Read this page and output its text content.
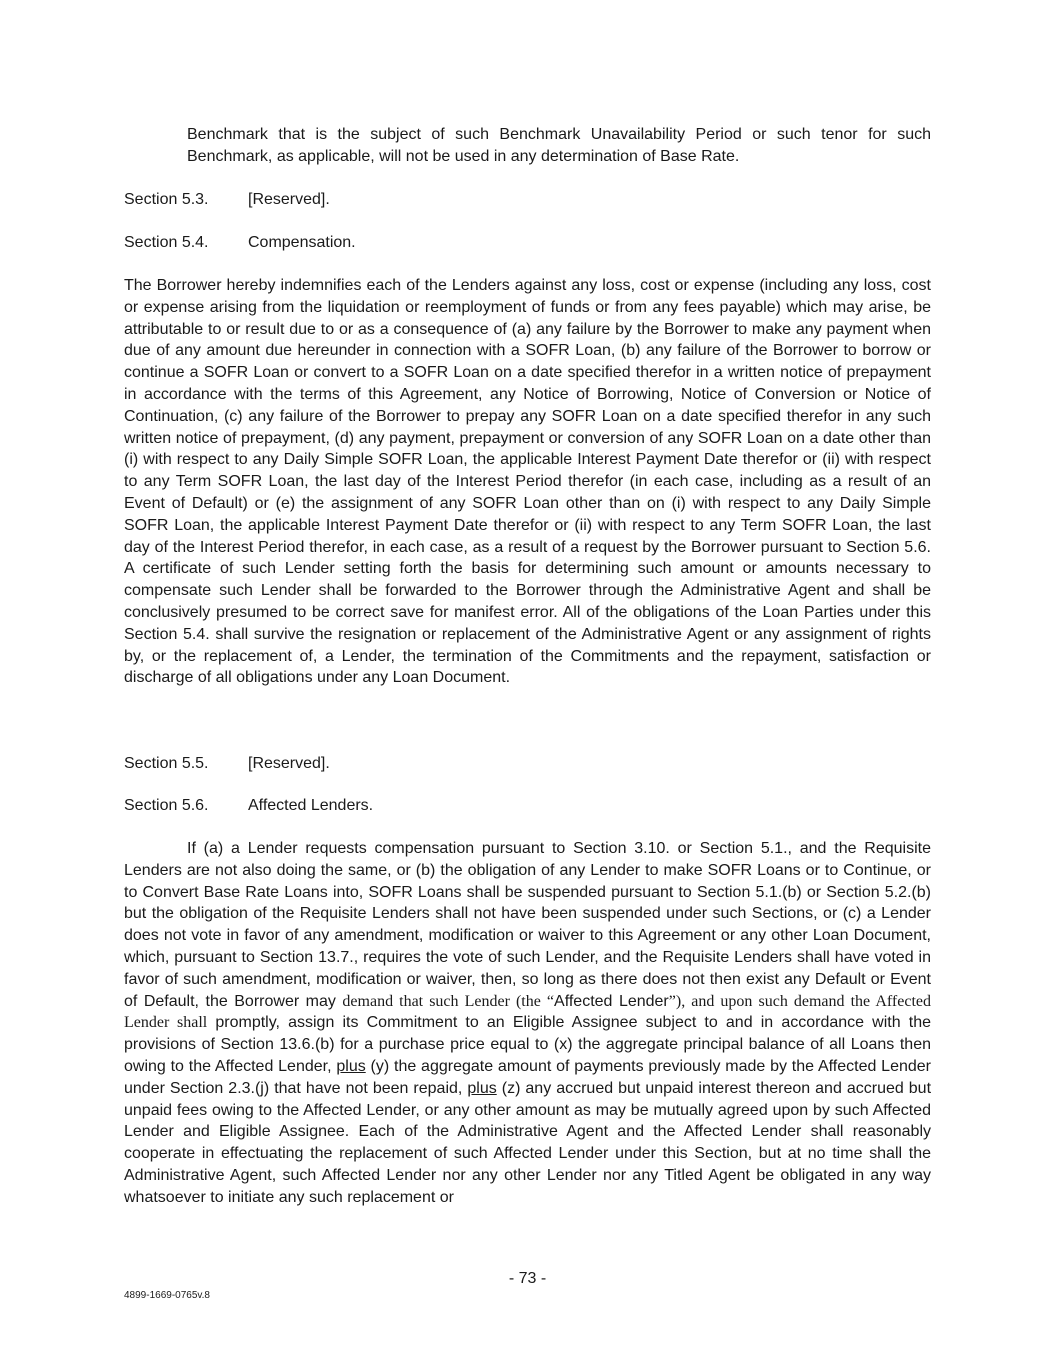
Benchmark that is the subject of such Benchmark Unavailability Period or such tenor for such Benchmark, as applicable, will not be used in any determination of Base Rate.

Section 5.3. [Reserved].

Section 5.4. Compensation.

The Borrower hereby indemnifies each of the Lenders against any loss, cost or expense (including any loss, cost or expense arising from the liquidation or reemployment of funds or from any fees payable) which may arise, be attributable to or result due to or as a consequence of (a) any failure by the Borrower to make any payment when due of any amount due hereunder in connection with a SOFR Loan, (b) any failure of the Borrower to borrow or continue a SOFR Loan or convert to a SOFR Loan on a date specified therefor in a written notice of prepayment in accordance with the terms of this Agreement, any Notice of Borrowing, Notice of Conversion or Notice of Continuation, (c) any failure of the Borrower to prepay any SOFR Loan on a date specified therefor in any such written notice of prepayment, (d) any payment, prepayment or conversion of any SOFR Loan on a date other than (i) with respect to any Daily Simple SOFR Loan, the applicable Interest Payment Date therefor or (ii) with respect to any Term SOFR Loan, the last day of the Interest Period therefor (in each case, including as a result of an Event of Default) or (e) the assignment of any SOFR Loan other than on (i) with respect to any Daily Simple SOFR Loan, the applicable Interest Payment Date therefor or (ii) with respect to any Term SOFR Loan, the last day of the Interest Period therefor, in each case, as a result of a request by the Borrower pursuant to Section 5.6. A certificate of such Lender setting forth the basis for determining such amount or amounts necessary to compensate such Lender shall be forwarded to the Borrower through the Administrative Agent and shall be conclusively presumed to be correct save for manifest error. All of the obligations of the Loan Parties under this Section 5.4. shall survive the resignation or replacement of the Administrative Agent or any assignment of rights by, or the replacement of, a Lender, the termination of the Commitments and the repayment, satisfaction or discharge of all obligations under any Loan Document.

Section 5.5. [Reserved].

Section 5.6. Affected Lenders.

If (a) a Lender requests compensation pursuant to Section 3.10. or Section 5.1., and the Requisite Lenders are not also doing the same, or (b) the obligation of any Lender to make SOFR Loans or to Continue, or to Convert Base Rate Loans into, SOFR Loans shall be suspended pursuant to Section 5.1.(b) or Section 5.2.(b) but the obligation of the Requisite Lenders shall not have been suspended under such Sections, or (c) a Lender does not vote in favor of any amendment, modification or waiver to this Agreement or any other Loan Document, which, pursuant to Section 13.7., requires the vote of such Lender, and the Requisite Lenders shall have voted in favor of such amendment, modification or waiver, then, so long as there does not then exist any Default or Event of Default, the Borrower may demand that such Lender (the “Affected Lender”), and upon such demand the Affected Lender shall promptly, assign its Commitment to an Eligible Assignee subject to and in accordance with the provisions of Section 13.6.(b) for a purchase price equal to (x) the aggregate principal balance of all Loans then owing to the Affected Lender, plus (y) the aggregate amount of payments previously made by the Affected Lender under Section 2.3.(j) that have not been repaid, plus (z) any accrued but unpaid interest thereon and accrued but unpaid fees owing to the Affected Lender, or any other amount as may be mutually agreed upon by such Affected Lender and Eligible Assignee. Each of the Administrative Agent and the Affected Lender shall reasonably cooperate in effectuating the replacement of such Affected Lender under this Section, but at no time shall the Administrative Agent, such Affected Lender nor any other Lender nor any Titled Agent be obligated in any way whatsoever to initiate any such replacement or

- 73 -
4899-1669-0765v.8
